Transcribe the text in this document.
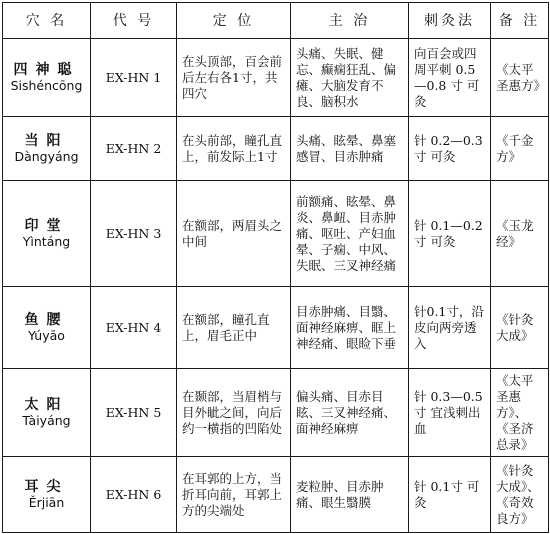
穴 名	代 号	定 位	主 治	刺灸法	备 注

四神聪
Sishéncōng	EX-HN 1	在头顶部，百会前后左右各1寸，共四穴	头痛、失眠、健忘、癫痫狂乱、偏瘫、大脑发育不良、脑积水	向百会或四周平刺 0.5—0.8 寸 可灸	《太平圣惠方》

当阳
Dàngyáng	EX-HN 2	在头前部，瞳孔直上，前发际上1寸	头痛、眩晕、鼻塞感冒、目赤肿痛	针 0.2—0.3 寸 可灸	《千金方》

印堂
Yìntáng	EX-HN 3	在额部，两眉头之中间	前额痛、眩晕、鼻炎、鼻衄、目赤肿痛、呕吐、产妇血晕、子痫、中风、失眠、三叉神经痛	针 0.1—0.2 寸 可灸	《玉龙经》

鱼腰
Yúyāo	EX-HN 4	在额部，瞳孔直上，眉毛正中	目赤肿痛、目翳、面神经麻痹、眶上神经痛、眼睑下垂	针0.1寸，沿皮向两旁透入	《针灸大成》

太阳
Tàiyáng	EX-HN 5	在颞部，当眉梢与目外眦之间，向后约一横指的凹陷处	偏头痛、目赤目眩、三叉神经痛、面神经麻痹	针 0.3—0.5 寸 宜浅刺出血	《太平圣惠方》、《圣济总录》

耳尖
Ěrjiān	EX-HN 6	在耳郭的上方，当折耳向前，耳郭上方的尖端处	麦粒肿、目赤肿痛、眼生翳膜	针 0.1寸 可灸	《针灸大成》、《奇效良方》
